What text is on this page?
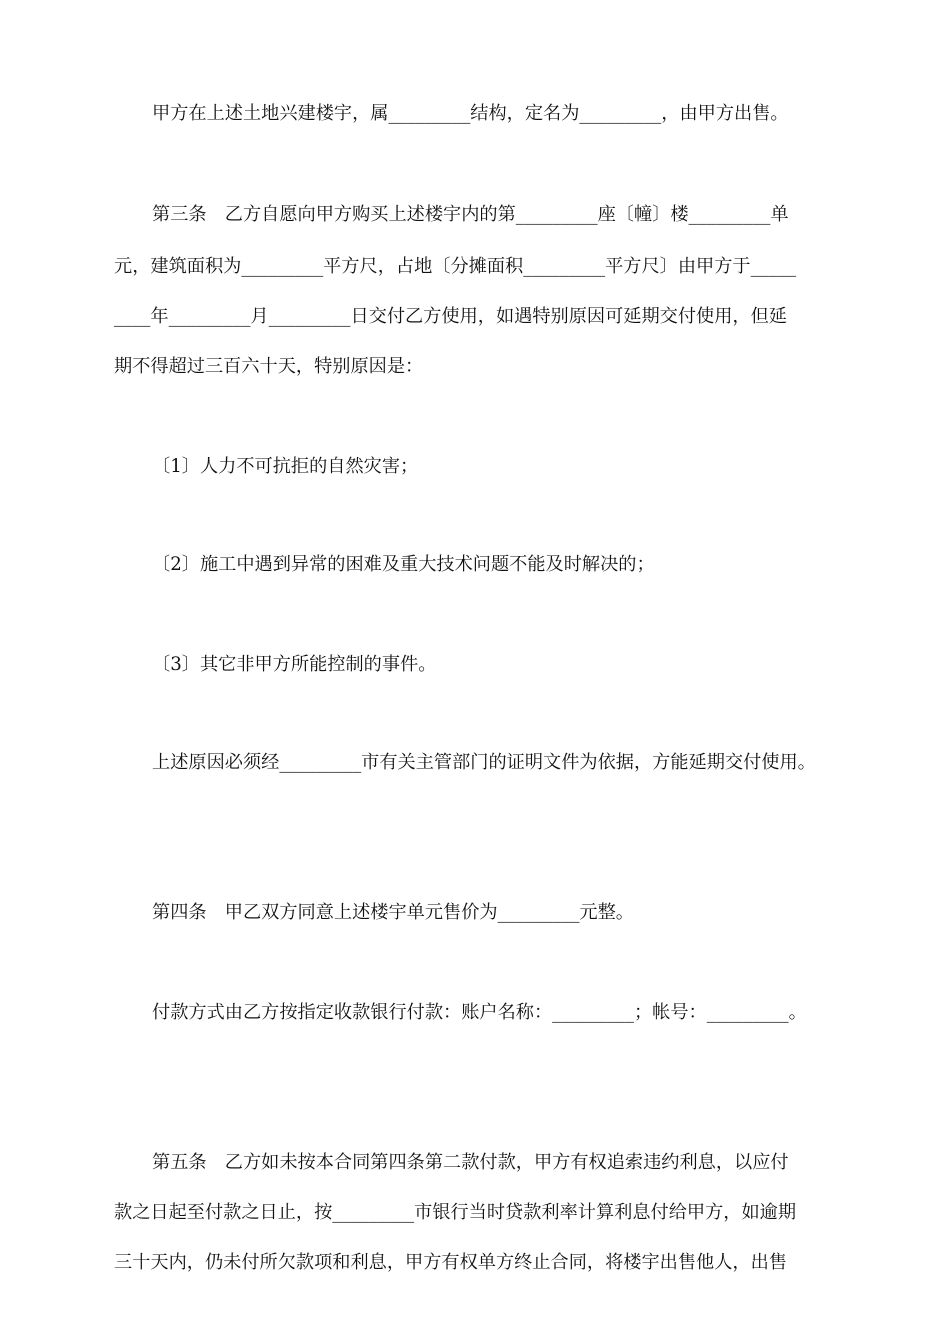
甲方在上述土地兴建楼宇，属_________结构，定名为_________，由甲方出售。
第三条　乙方自愿向甲方购买上述楼宇内的第_________座〔幢〕楼_________单
元，建筑面积为_________平方尺，占地〔分摊面积_________平方尺〕由甲方于_____
____年_________月_________日交付乙方使用，如遇特别原因可延期交付使用，但延
期不得超过三百六十天，特别原因是：
〔1〕人力不可抗拒的自然灾害；
〔2〕施工中遇到异常的困难及重大技术问题不能及时解决的；
〔3〕其它非甲方所能控制的事件。
上述原因必须经_________市有关主管部门的证明文件为依据，方能延期交付使用。
第四条　甲乙双方同意上述楼宇单元售价为_________元整。
付款方式由乙方按指定收款银行付款：账户名称：_________；帐号：_________。
第五条　乙方如未按本合同第四条第二款付款，甲方有权追索违约利息，以应付
款之日起至付款之日止，按_________市银行当时贷款利率计算利息付给甲方，如逾期
三十天内，仍未付所欠款项和利息，甲方有权单方终止合同，将楼宇出售他人，出售
